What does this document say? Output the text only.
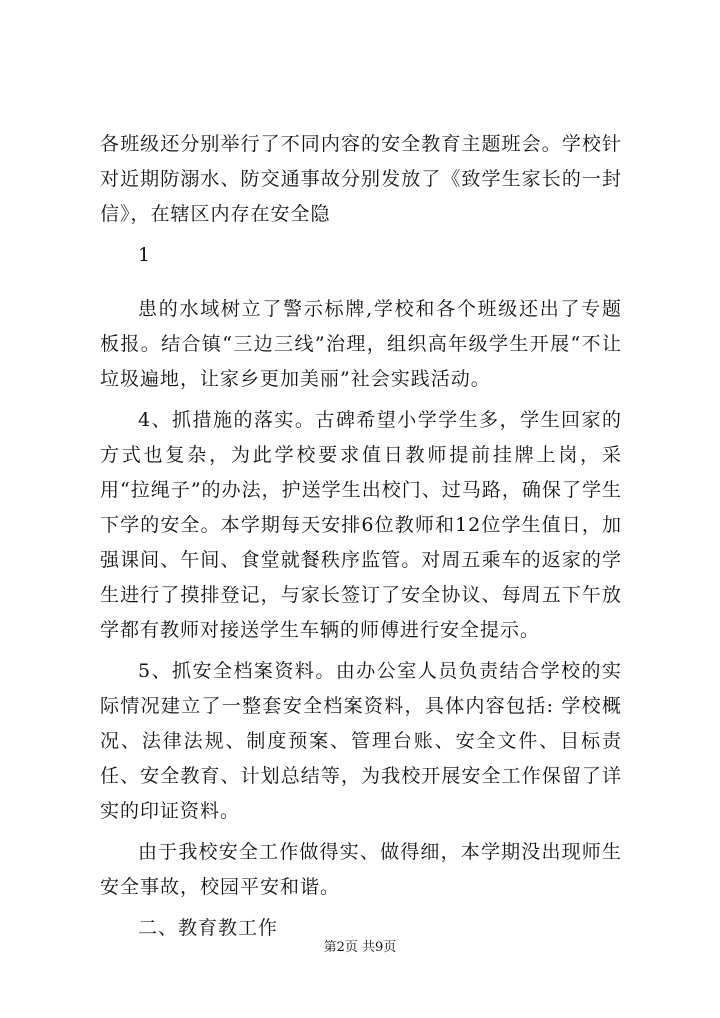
各班级还分别举行了不同内容的安全教育主题班会。学校针对近期防溺水、防交通事故分别发放了《致学生家长的一封信》，在辖区内存在安全隐

1

患的水域树立了警示标牌,学校和各个班级还出了专题板报。结合镇“三边三线”治理，组织高年级学生开展“不让垃圾遍地，让家乡更加美丽”社会实践活动。

4、抓措施的落实。古碑希望小学学生多，学生回家的方式也复杂，为此学校要求值日教师提前挂牌上岗，采用“拉绳子”的办法，护送学生出校门、过马路，确保了学生下学的安全。本学期每天安排6位教师和12位学生值日，加强课间、午间、食堂就餐秩序监管。对周五乘车的返家的学生进行了摸排登记，与家长签订了安全协议、每周五下午放学都有教师对接送学生车辆的师傅进行安全提示。

5、抓安全档案资料。由办公室人员负责结合学校的实际情况建立了一整套安全档案资料，具体内容包括: 学校概况、法律法规、制度预案、管理台账、安全文件、目标责任、安全教育、计划总结等，为我校开展安全工作保留了详实的印证资料。

由于我校安全工作做得实、做得细，本学期没出现师生安全事故，校园平安和谐。

二、教育教工作

第2页 共9页
